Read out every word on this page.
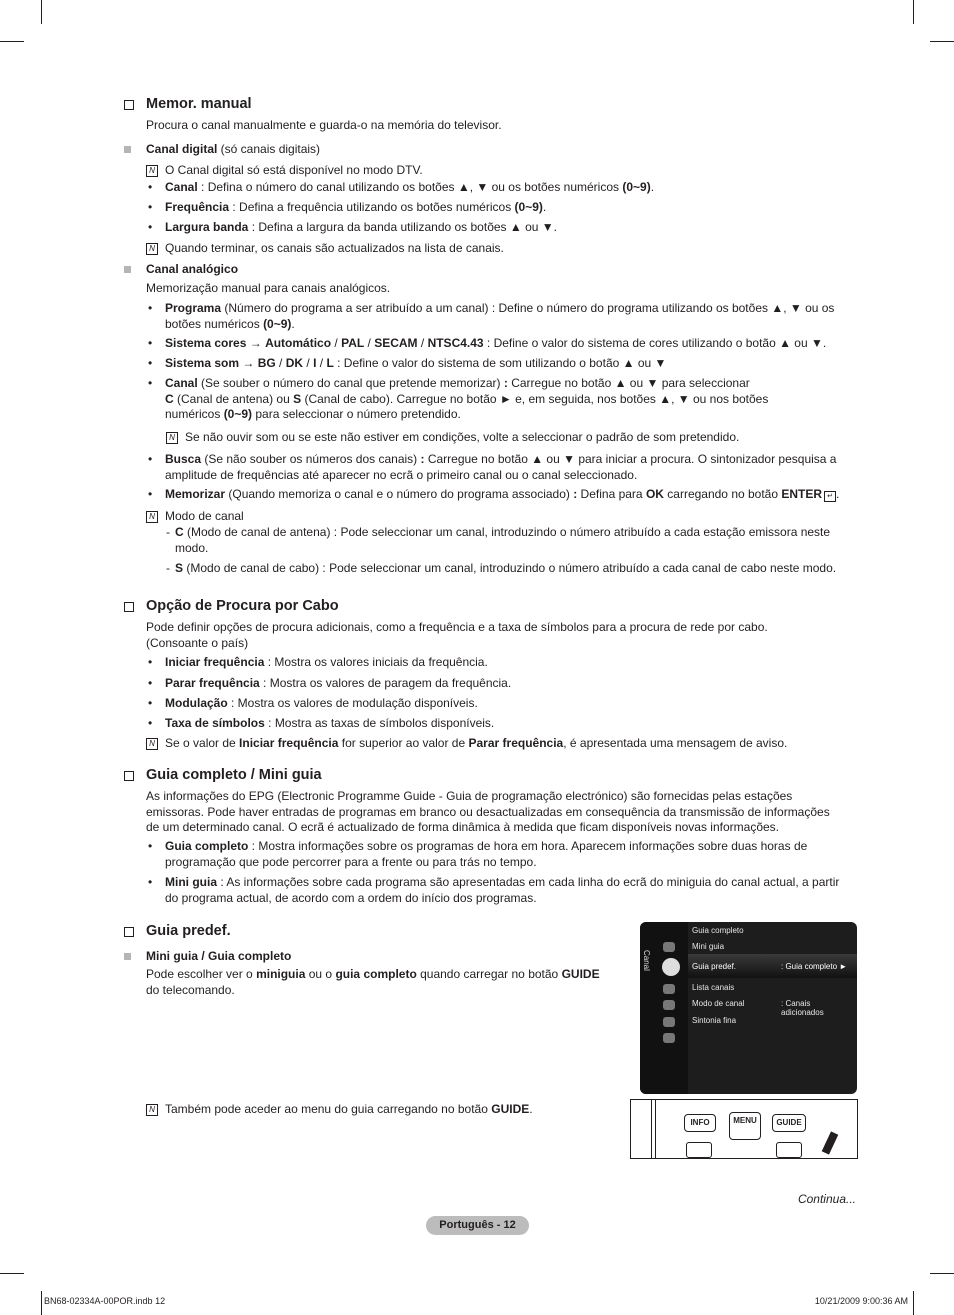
Memor. manual
Procura o canal manualmente e guarda-o na memória do televisor.
Canal digital (só canais digitais)
N O Canal digital só está disponível no modo DTV.
• Canal : Defina o número do canal utilizando os botões ▲, ▼ ou os botões numéricos (0~9).
• Frequência : Defina a frequência utilizando os botões numéricos (0~9).
• Largura banda : Defina a largura da banda utilizando os botões ▲ ou ▼.
N Quando terminar, os canais são actualizados na lista de canais.
Canal analógico
Memorização manual para canais analógicos.
• Programa (Número do programa a ser atribuído a um canal) : Define o número do programa utilizando os botões ▲, ▼ ou os botões numéricos (0~9).
• Sistema cores → Automático / PAL / SECAM / NTSC4.43 : Define o valor do sistema de cores utilizando o botão ▲ ou ▼.
• Sistema som → BG / DK / I / L : Define o valor do sistema de som utilizando o botão ▲ ou ▼
• Canal (Se souber o número do canal que pretende memorizar) : Carregue no botão ▲ ou ▼ para seleccionar
C (Canal de antena) ou S (Canal de cabo). Carregue no botão ► e, em seguida, nos botões ▲, ▼ ou nos botões numéricos (0~9) para seleccionar o número pretendido.
N Se não ouvir som ou se este não estiver em condições, volte a seleccionar o padrão de som pretendido.
• Busca (Se não souber os números dos canais) : Carregue no botão ▲ ou ▼ para iniciar a procura. O sintonizador pesquisa a amplitude de frequências até aparecer no ecrã o primeiro canal ou o canal seleccionado.
• Memorizar (Quando memoriza o canal e o número do programa associado) : Defina para OK carregando no botão ENTER ↵ .
N Modo de canal
- C (Modo de canal de antena) : Pode seleccionar um canal, introduzindo o número atribuído a cada estação emissora neste modo.
- S (Modo de canal de cabo) : Pode seleccionar um canal, introduzindo o número atribuído a cada canal de cabo neste modo.
Opção de Procura por Cabo
Pode definir opções de procura adicionais, como a frequência e a taxa de símbolos para a procura de rede por cabo. (Consoante o país)
• Iniciar frequência : Mostra os valores iniciais da frequência.
• Parar frequência : Mostra os valores de paragem da frequência.
• Modulação : Mostra os valores de modulação disponíveis.
• Taxa de símbolos : Mostra as taxas de símbolos disponíveis.
N Se o valor de Iniciar frequência for superior ao valor de Parar frequência, é apresentada uma mensagem de aviso.
Guia completo / Mini guia
As informações do EPG (Electronic Programme Guide - Guia de programação electrónico) são fornecidas pelas estações emissoras. Pode haver entradas de programas em branco ou desactualizadas em consequência da transmissão de informações de um determinado canal. O ecrã é actualizado de forma dinâmica à medida que ficam disponíveis novas informações.
• Guia completo : Mostra informações sobre os programas de hora em hora. Aparecem informações sobre duas horas de programação que pode percorrer para a frente ou para trás no tempo.
• Mini guia : As informações sobre cada programa são apresentadas em cada linha do ecrã do miniguia do canal actual, a partir do programa actual, de acordo com a ordem do início dos programas.
Guia predef.
Mini guia / Guia completo
Pode escolher ver o miniguia ou o guia completo quando carregar no botão GUIDE do telecomando.
N Também pode aceder ao menu do guia carregando no botão GUIDE.
Canal
Guia completo
Mini guia
Guia predef.	: Guia completo ►
Lista canais
Modo de canal	: Canais adicionados
Sintonia fina
INFO	MENU	GUIDE
Continua...
Português - 12
BN68-02334A-00POR.indb 12	10/21/2009 9:00:36 AM
